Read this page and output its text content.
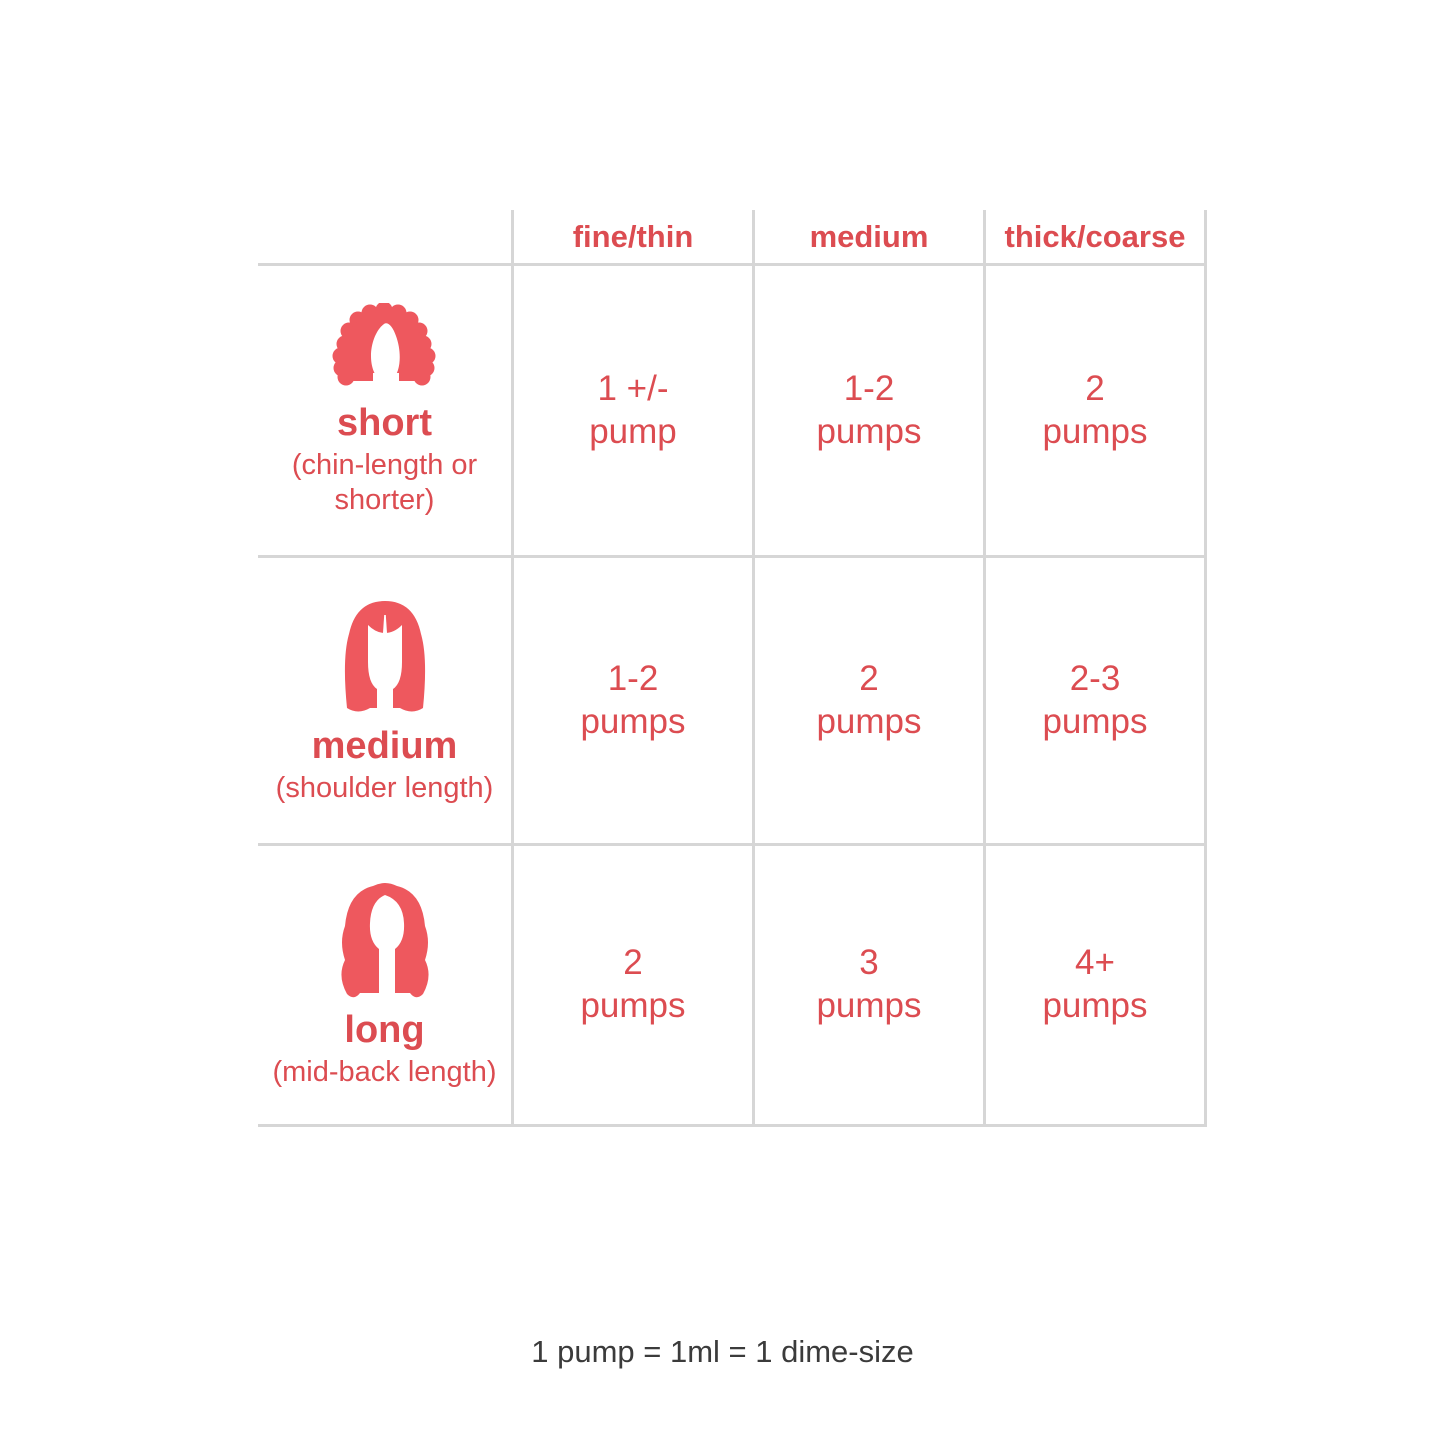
fine/thin	medium thick/coarse
short
(chin-length or shorter)
1 +/-
pump
1-2
pumps
2
pumps
medium
(shoulder length)
1-2
pumps
2
pumps
2-3
pumps
long
(mid-back length)
2
pumps
3
pumps
4+
pumps
1 pump = 1ml = 1 dime-size
